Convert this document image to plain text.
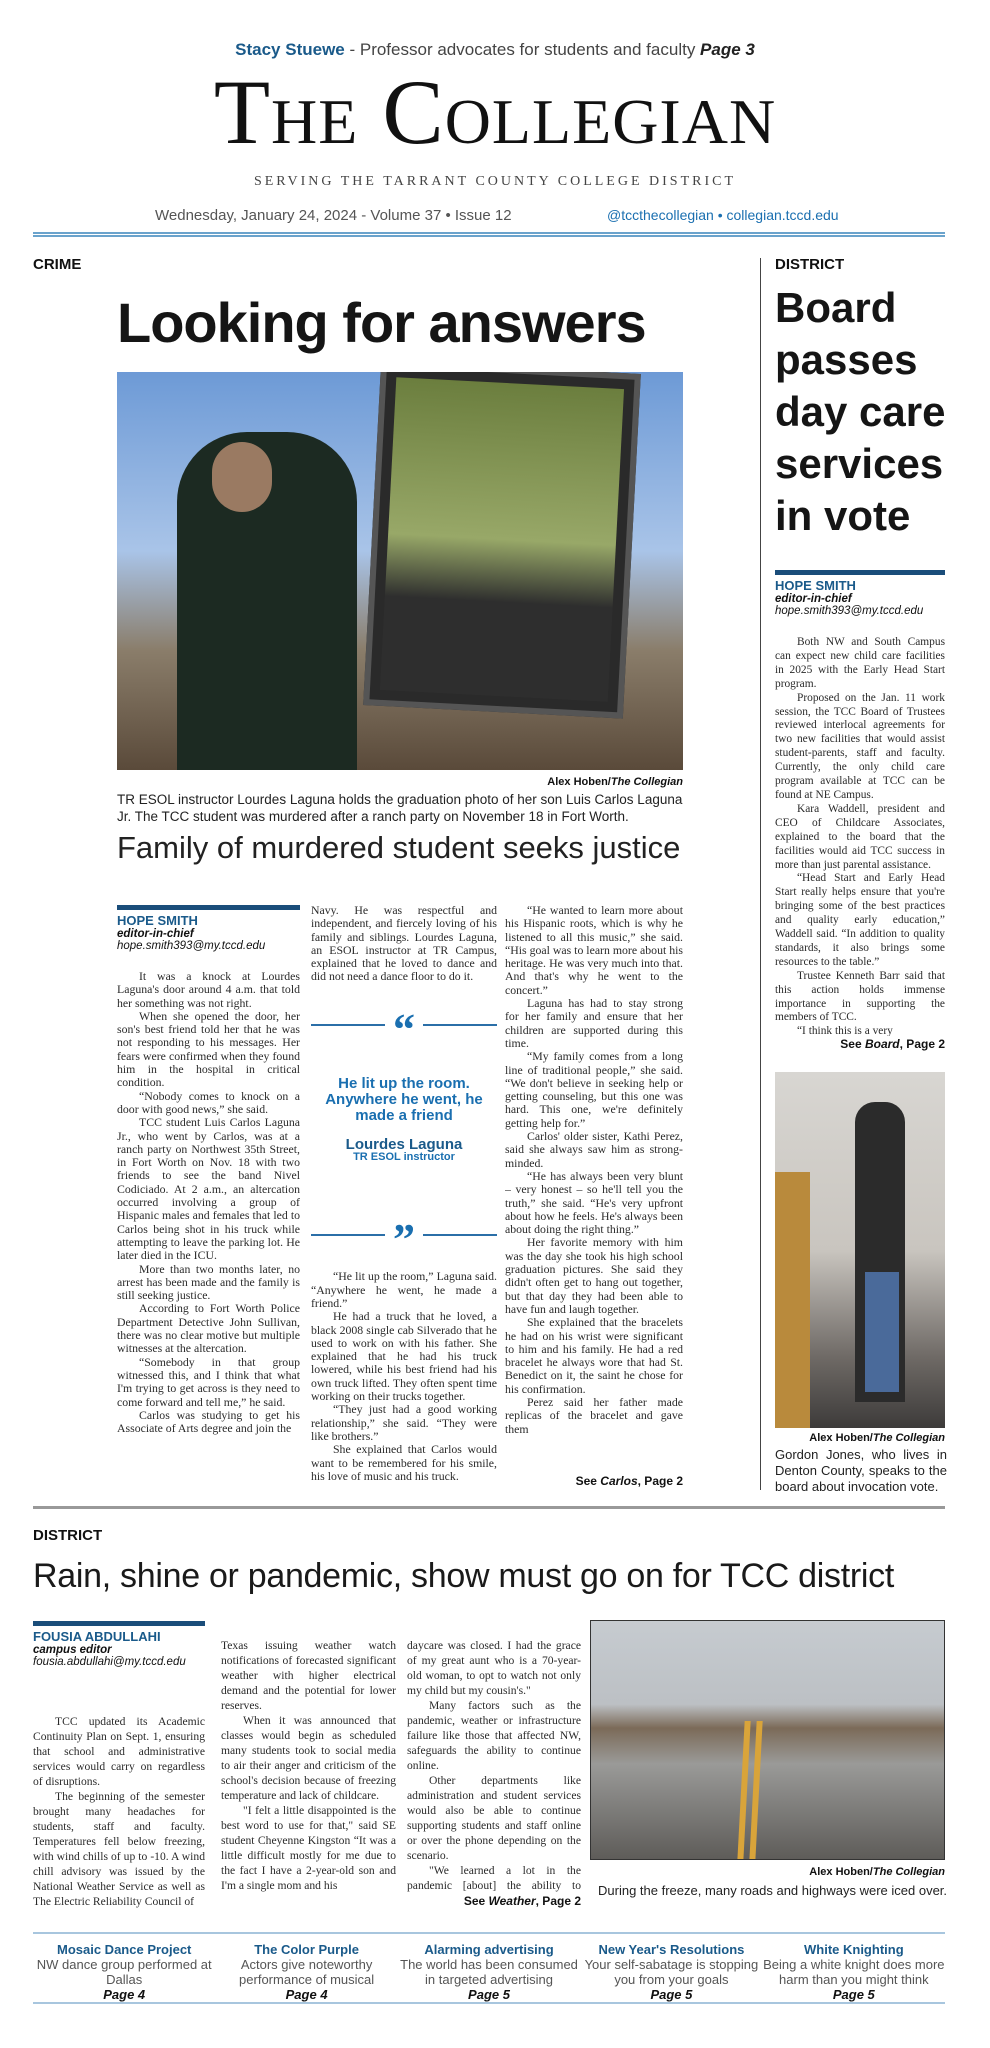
Stacy Stuewe - Professor advocates for students and faculty Page 3
The Collegian
SERVING THE TARRANT COUNTY COLLEGE DISTRICT
Wednesday, January 24, 2024 - Volume 37 • Issue 12	@tccthecollegian • collegian.tccd.edu
CRIME
Looking for answers
Alex Hoben/The Collegian
TR ESOL instructor Lourdes Laguna holds the graduation photo of her son Luis Carlos Laguna Jr. The TCC student was murdered after a ranch party on November 18 in Fort Worth.
Family of murdered student seeks justice
HOPE SMITH
editor-in-chief
hope.smith393@my.tccd.edu

It was a knock at Lourdes Laguna's door around 4 a.m. that told her something was not right.

When she opened the door, her son's best friend told her that he was not responding to his messages. Her fears were confirmed when they found him in the hospital in critical condition.

“Nobody comes to knock on a door with good news,” she said.

TCC student Luis Carlos Laguna Jr., who went by Carlos, was at a ranch party on Northwest 35th Street, in Fort Worth on Nov. 18 with two friends to see the band Nivel Codiciado. At 2 a.m., an altercation occurred involving a group of Hispanic males and females that led to Carlos being shot in his truck while attempting to leave the parking lot. He later died in the ICU.

More than two months later, no arrest has been made and the family is still seeking justice.

According to Fort Worth Police Department Detective John Sullivan, there was no clear motive but multiple witnesses at the altercation.

“Somebody in that group witnessed this, and I think that what I'm trying to get across is they need to come forward and tell me,” he said.

Carlos was studying to get his Associate of Arts degree and join the

Navy. He was respectful and independent, and fiercely loving of his family and siblings. Lourdes Laguna, an ESOL instructor at TR Campus, explained that he loved to dance and did not need a dance floor to do it.

“
He lit up the room. Anywhere he went, he made a friend
Lourdes Laguna
TR ESOL instructor
”

“He lit up the room,” Laguna said. “Anywhere he went, he made a friend.”

He had a truck that he loved, a black 2008 single cab Silverado that he used to work on with his father. She explained that he had his truck lowered, while his best friend had his own truck lifted. They often spent time working on their trucks together.

“They just had a good working relationship,” she said. “They were like brothers.”

She explained that Carlos would want to be remembered for his smile, his love of music and his truck.

“He wanted to learn more about his Hispanic roots, which is why he listened to all this music,” she said. “His goal was to learn more about his heritage. He was very much into that. And that's why he went to the concert.”

Laguna has had to stay strong for her family and ensure that her children are supported during this time.

“My family comes from a long line of traditional people,” she said. “We don't believe in seeking help or getting counseling, but this one was hard. This one, we're definitely getting help for.”

Carlos' older sister, Kathi Perez, said she always saw him as strong-minded.

“He has always been very blunt – very honest – so he'll tell you the truth,” she said. “He's very upfront about how he feels. He's always been about doing the right thing.”

Her favorite memory with him was the day she took his high school graduation pictures. She said they didn't often get to hang out together, but that day they had been able to have fun and laugh together.

She explained that the bracelets he had on his wrist were significant to him and his family. He had a red bracelet he always wore that had St. Benedict on it, the saint he chose for his confirmation.

Perez said her father made replicas of the bracelet and gave them

See Carlos, Page 2
DISTRICT
Board passes day care services in vote
HOPE SMITH
editor-in-chief
hope.smith393@my.tccd.edu

Both NW and South Campus can expect new child care facilities in 2025 with the Early Head Start program.

Proposed on the Jan. 11 work session, the TCC Board of Trustees reviewed interlocal agreements for two new facilities that would assist student-parents, staff and faculty. Currently, the only child care program available at TCC can be found at NE Campus.

Kara Waddell, president and CEO of Childcare Associates, explained to the board that the facilities would aid TCC success in more than just parental assistance.

“Head Start and Early Head Start really helps ensure that you're bringing some of the best practices and quality early education,” Waddell said. “In addition to quality standards, it also brings some resources to the table.”

Trustee Kenneth Barr said that this action holds immense importance in supporting the members of TCC.

“I think this is a very

See Board, Page 2
Alex Hoben/The Collegian
Gordon Jones, who lives in Denton County, speaks to the board about invocation vote.
DISTRICT
Rain, shine or pandemic, show must go on for TCC district
FOUSIA ABDULLAHI
campus editor
fousia.abdullahi@my.tccd.edu

TCC updated its Academic Continuity Plan on Sept. 1, ensuring that school and administrative services would carry on regardless of disruptions.

The beginning of the semester brought many headaches for students, staff and faculty. Temperatures fell below freezing, with wind chills of up to -10. A wind chill advisory was issued by the National Weather Service as well as The Electric Reliability Council of

Texas issuing weather watch notifications of forecasted significant weather with higher electrical demand and the potential for lower reserves.

When it was announced that classes would begin as scheduled many students took to social media to air their anger and criticism of the school's decision because of freezing temperature and lack of childcare.

"I felt a little disappointed is the best word to use for that," said SE student Cheyenne Kingston “It was a little difficult mostly for me due to the fact I have a 2-year-old son and I'm a single mom and his

daycare was closed. I had the grace of my great aunt who is a 70-year-old woman, to opt to watch not only my child but my cousin's."

Many factors such as the pandemic, weather or infrastructure failure like those that affected NW, safeguards the ability to continue online.

Other departments like administration and student services would also be able to continue supporting students and staff online or over the phone depending on the scenario.

"We learned a lot in the pandemic [about] the ability to

See Weather, Page 2
Alex Hoben/The Collegian
During the freeze, many roads and highways were iced over.
Mosaic Dance Project
NW dance group performed at Dallas
Page 4
The Color Purple
Actors give noteworthy performance of musical
Page 4
Alarming advertising
The world has been consumed in targeted advertising
Page 5
New Year's Resolutions
Your self-sabatage is stopping you from your goals
Page 5
White Knighting
Being a white knight does more harm than you might think
Page 5
